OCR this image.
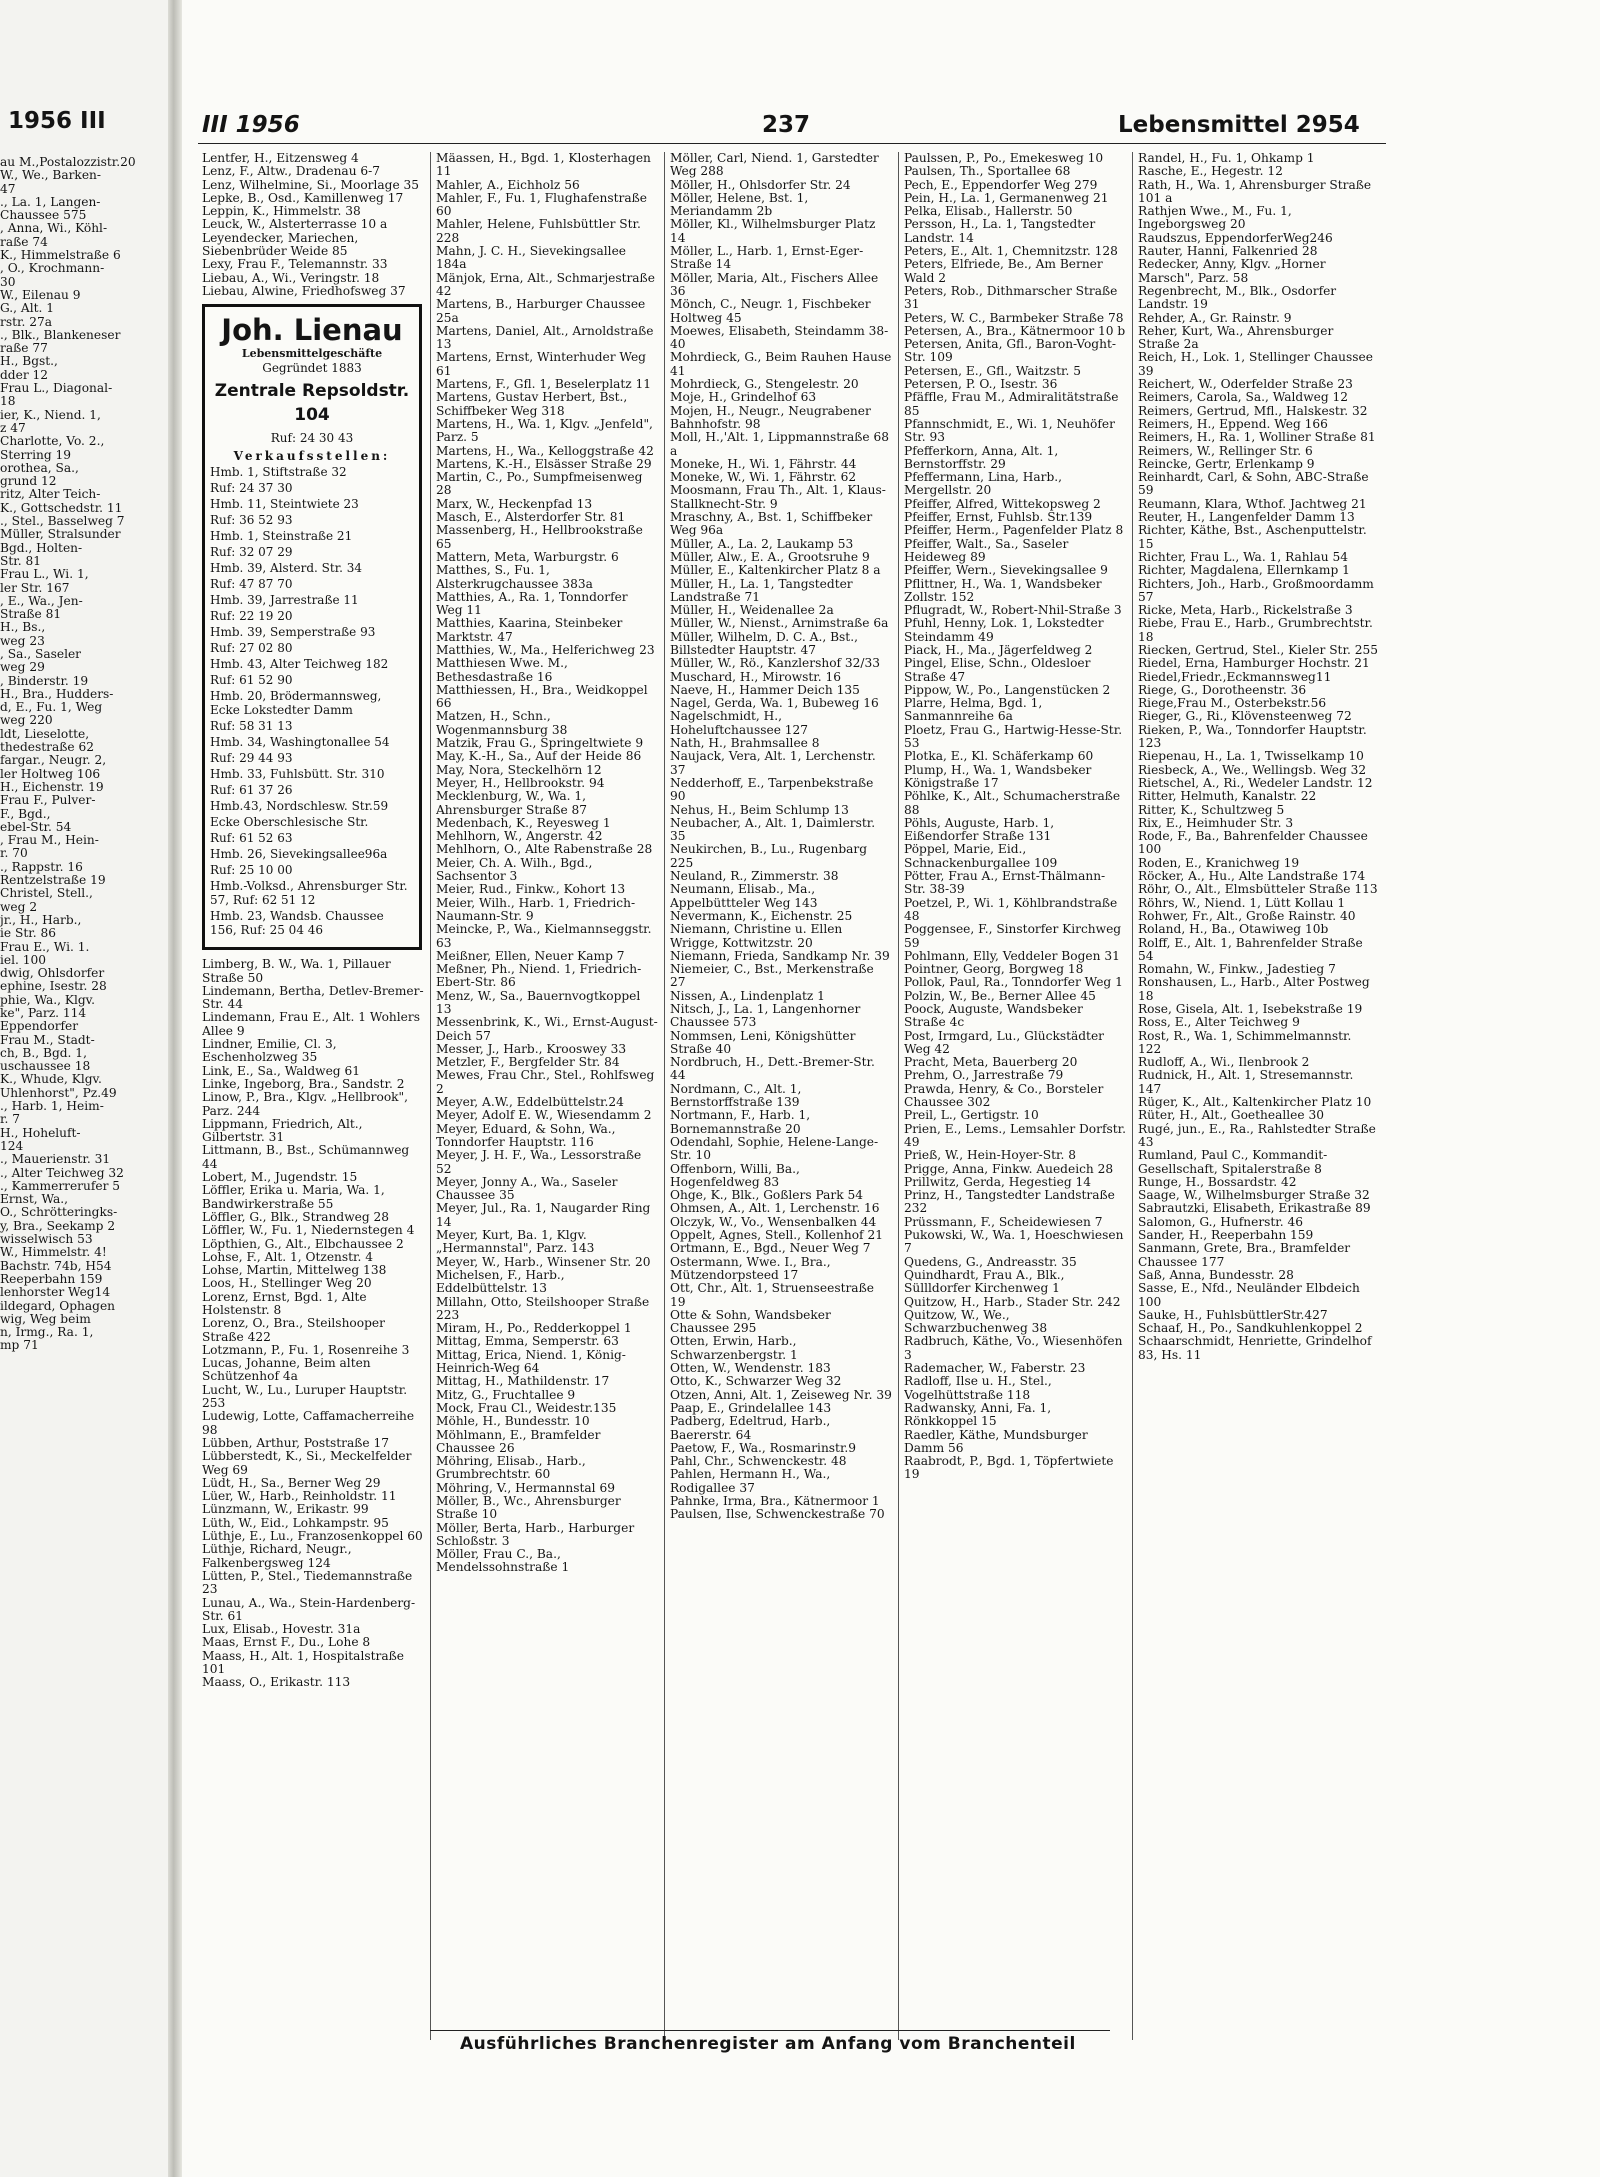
1956 III
au M.,Postalozzistr.20
W., We., Barken-
47
., La. 1, Langen-
Chaussee 575
, Anna, Wi., Köhl-
raße 74
K., Himmelstraße 6
, O., Krochmann-
30
W., Eilenau 9
G., Alt. 1
rstr. 27a
., Blk., Blankeneser
raße 77
H., Bgst.,
dder 12
Frau L., Diagonal-
18
ier, K., Niend. 1,
z 47
Charlotte, Vo. 2.,
Sterring 19
orothea, Sa.,
grund 12
ritz, Alter Teich-
K., Gottschedstr. 11
., Stel., Basselweg 7
Müller, Stralsunder
Bgd., Holten-
Str. 81
Frau L., Wi. 1,
ler Str. 167
, E., Wa., Jen-
Straße 81
H., Bs.,
weg 23
, Sa., Saseler
weg 29
, Binderstr. 19
H., Bra., Hudders-
d, E., Fu. 1, Weg
weg 220
ldt, Lieselotte,
thedestraße 62
fargar., Neugr. 2,
ler Holtweg 106
H., Eichenstr. 19
Frau F., Pulver-
F., Bgd.,
ebel-Str. 54
, Frau M., Hein-
r. 70
., Rappstr. 16
Rentzelstraße 19
Christel, Stell.,
weg 2
jr., H., Harb.,
ie Str. 86
Frau E., Wi. 1.
iel. 100
dwig, Ohlsdorfer
ephine, Isestr. 28
phie, Wa., Klgv.
ke", Parz. 114
Eppendorfer
Frau M., Stadt-
ch, B., Bgd. 1,
uschaussee 18
K., Whude, Klgv.
Uhlenhorst", Pz.49
., Harb. 1, Heim-
r. 7
H., Hoheluft-
124
., Mauerienstr. 31
., Alter Teichweg 32
., Kammerrerufer 5
Ernst, Wa.,
O., Schrötteringks-
y, Bra., Seekamp 2
wisselwisch 53
W., Himmelstr. 4!
Bachstr. 74b, H54
Reeperbahn 159
lenhorster Weg14
ildegard, Ophagen
wig, Weg beim
n, Irmg., Ra. 1,
mp 71
III 1956	237	Lebensmittel 2954
Lentfer, H., Eitzensweg 4
Lenz, F., Altw., Dradenau 6-7
Lenz, Wilhelmine, Si., Moorlage 35
Lepke, B., Osd., Kamillenweg 17
Leppin, K., Himmelstr. 38
Leuck, W., Alsterterrasse 10 a
Leyendecker, Mariechen, Siebenbrüder Weide 85
Lexy, Frau F., Telemannstr. 33
Liebau, A., Wi., Veringstr. 18
Liebau, Alwine, Friedhofsweg 37
Joh. Lienau
Lebensmittelgeschäfte
Gegründet 1883
Zentrale Repsoldstr. 104
Ruf: 24 30 43
Verkaufsstellen:
Hmb. 1, Stiftstraße 32
Ruf: 24 37 30
Hmb. 11, Steintwiete 23
Ruf: 36 52 93
Hmb. 1, Steinstraße 21
Ruf: 32 07 29
Hmb. 39, Alsterd. Str. 34
Ruf: 47 87 70
Hmb. 39, Jarrestraße 11
Ruf: 22 19 20
Hmb. 39, Semperstraße 93
Ruf: 27 02 80
Hmb. 43, Alter Teichweg 182
Ruf: 61 52 90
Hmb. 20, Brödermannsweg, Ecke Lokstedter Damm
Ruf: 58 31 13
Hmb. 34, Washingtonallee 54
Ruf: 29 44 93
Hmb. 33, Fuhlsbütt. Str. 310
Ruf: 61 37 26
Hmb.43, Nordschlesw. Str.59
Ecke Oberschlesische Str.
Ruf: 61 52 63
Hmb. 26, Sievekingsallee96a
Ruf: 25 10 00
Hmb.-Volksd., Ahrensburger Str. 57, Ruf: 62 51 12
Hmb. 23, Wandsb. Chaussee 156, Ruf: 25 04 46
Limberg, B. W., Wa. 1, Pillauer Straße 50
Lindemann, Bertha, Detlev-Bremer-Str. 44
Lindemann, Frau E., Alt. 1 Wohlers Allee 9
Lindner, Emilie, Cl. 3, Eschenholzweg 35
Link, E., Sa., Waldweg 61
Linke, Ingeborg, Bra., Sandstr. 2
Linow, P., Bra., Klgv. „Hellbrook", Parz. 244
Lippmann, Friedrich, Alt., Gilbertstr. 31
Littmann, B., Bst., Schümannweg 44
Lobert, M., Jugendstr. 15
Löffler, Erika u. Maria, Wa. 1, Bandwirkerstraße 55
Löffler, G., Blk., Strandweg 28
Löffler, W., Fu. 1, Niedernstegen 4
Löpthien, G., Alt., Elbchaussee 2
Lohse, F., Alt. 1, Otzenstr. 4
Lohse, Martin, Mittelweg 138
Loos, H., Stellinger Weg 20
Lorenz, Ernst, Bgd. 1, Alte Holstenstr. 8
Lorenz, O., Bra., Steilshooper Straße 422
Lotzmann, P., Fu. 1, Rosenreihe 3
Lucas, Johanne, Beim alten Schützenhof 4a
Lucht, W., Lu., Luruper Hauptstr. 253
Ludewig, Lotte, Caffamacherreihe 98
Lübben, Arthur, Poststraße 17
Lübberstedt, K., Si., Meckelfelder Weg 69
Lüdt, H., Sa., Berner Weg 29
Lüer, W., Harb., Reinholdstr. 11
Lünzmann, W., Erikastr. 99
Lüth, W., Eid., Lohkampstr. 95
Lüthje, E., Lu., Franzosenkoppel 60
Lüthje, Richard, Neugr., Falkenbergsweg 124
Lütten, P., Stel., Tiedemannstraße 23
Lunau, A., Wa., Stein-Hardenberg-Str. 61
Lux, Elisab., Hovestr. 31a
Maas, Ernst F., Du., Lohe 8
Maass, H., Alt. 1, Hospitalstraße 101
Maass, O., Erikastr. 113
Mäassen, H., Bgd. 1, Klosterhagen 11
Mahler, A., Eichholz 56
Mahler, F., Fu. 1, Flughafenstraße 60
Mahler, Helene, Fuhlsbüttler Str. 228
Mahn, J. C. H., Sievekingsallee 184a
Mänjok, Erna, Alt., Schmarjestraße 42
Martens, B., Harburger Chaussee 25a
Martens, Daniel, Alt., Arnoldstraße 13
Martens, Ernst, Winterhuder Weg 61
Martens, F., Gfl. 1, Beselerplatz 11
Martens, Gustav Herbert, Bst., Schiffbeker Weg 318
Martens, H., Wa. 1, Klgv. „Jenfeld", Parz. 5
Martens, H., Wa., Kelloggstraße 42
Martens, K.-H., Elsässer Straße 29
Martin, C., Po., Sumpfmeisenweg 28
Marx, W., Heckenpfad 13
Masch, E., Alsterdorfer Str. 81
Massenberg, H., Hellbrookstraße 65
Mattern, Meta, Warburgstr. 6
Matthes, S., Fu. 1, Alsterkrugchaussee 383a
Matthies, A., Ra. 1, Tonndorfer Weg 11
Matthies, Kaarina, Steinbeker Marktstr. 47
Matthies, W., Ma., Helferichweg 23
Matthiesen Wwe. M., Bethesdastraße 16
Matthiessen, H., Bra., Weidkoppel 66
Matzen, H., Schn., Wogenmannsburg 38
Matzik, Frau G., Springeltwiete 9
May, K.-H., Sa., Auf der Heide 86
May, Nora, Steckelhörn 12
Meyer, H., Hellbrookstr. 94
Mecklenburg, W., Wa. 1, Ahrensburger Straße 87
Medenbach, K., Reyesweg 1
Mehlhorn, W., Angerstr. 42
Mehlhorn, O., Alte Rabenstraße 28
Meier, Ch. A. Wilh., Bgd., Sachsentor 3
Meier, Rud., Finkw., Kohort 13
Meier, Wilh., Harb. 1, Friedrich-Naumann-Str. 9
Meincke, P., Wa., Kielmannseggstr. 63
Meißner, Ellen, Neuer Kamp 7
Meßner, Ph., Niend. 1, Friedrich-Ebert-Str. 86
Menz, W., Sa., Bauernvogtkoppel 13
Messenbrink, K., Wi., Ernst-August-Deich 57
Messer, J., Harb., Krooswey 33
Metzler, F., Bergfelder Str. 84
Mewes, Frau Chr., Stel., Rohlfsweg 2
Meyer, A.W., Eddelbüttelstr.24
Meyer, Adolf E. W., Wiesendamm 2
Meyer, Eduard, & Sohn, Wa., Tonndorfer Hauptstr. 116
Meyer, J. H. F., Wa., Lessorstraße 52
Meyer, Jonny A., Wa., Saseler Chaussee 35
Meyer, Jul., Ra. 1, Naugarder Ring 14
Meyer, Kurt, Ba. 1, Klgv. „Hermannstal", Parz. 143
Meyer, W., Harb., Winsener Str. 20
Michelsen, F., Harb., Eddelbüttelstr. 13
Millahn, Otto, Steilshooper Straße 223
Miram, H., Po., Redderkoppel 1
Mittag, Emma, Semperstr. 63
Mittag, Erica, Niend. 1, König-Heinrich-Weg 64
Mittag, H., Mathildenstr. 17
Mitz, G., Fruchtallee 9
Mock, Frau Cl., Weidestr.135
Möhle, H., Bundesstr. 10
Möhlmann, E., Bramfelder Chaussee 26
Möhring, Elisab., Harb., Grumbrechtstr. 60
Möhring, V., Hermannstal 69
Möller, B., Wc., Ahrensburger Straße 10
Möller, Berta, Harb., Harburger Schloßstr. 3
Möller, Frau C., Ba., Mendelssohnstraße 1
Möller, Carl, Niend. 1, Garstedter Weg 288
Möller, H., Ohlsdorfer Str. 24
Möller, Helene, Bst. 1, Meriandamm 2b
Möller, Kl., Wilhelmsburger Platz 14
Möller, L., Harb. 1, Ernst-Eger-Straße 14
Möller, Maria, Alt., Fischers Allee 36
Mönch, C., Neugr. 1, Fischbeker Holtweg 45
Moewes, Elisabeth, Steindamm 38-40
Mohrdieck, G., Beim Rauhen Hause 41
Mohrdieck, G., Stengelestr. 20
Moje, H., Grindelhof 63
Mojen, H., Neugr., Neugrabener Bahnhofstr. 98
Moll, H.,'Alt. 1, Lippmannstraße 68 a
Moneke, H., Wi. 1, Fährstr. 44
Moneke, W., Wi. 1, Fährstr. 62
Moosmann, Frau Th., Alt. 1, Klaus-Stallknecht-Str. 9
Mraschny, A., Bst. 1, Schiffbeker Weg 96a
Müller, A., La. 2, Laukamp 53
Müller, Alw., E. A., Grootsruhe 9
Müller, E., Kaltenkircher Platz 8 a
Müller, H., La. 1, Tangstedter Landstraße 71
Müller, H., Weidenallee 2a
Müller, W., Nienst., Arnimstraße 6a
Müller, Wilhelm, D. C. A., Bst., Billstedter Hauptstr. 47
Müller, W., Rö., Kanzlershof 32/33
Muschard, H., Mirowstr. 16
Naeve, H., Hammer Deich 135
Nagel, Gerda, Wa. 1, Bubeweg 16
Nagelschmidt, H., Hoheluftchaussee 127
Nath, H., Brahmsallee 8
Naujack, Vera, Alt. 1, Lerchenstr. 37
Nedderhoff, E., Tarpenbekstraße 90
Nehus, H., Beim Schlump 13
Neubacher, A., Alt. 1, Daimlerstr. 35
Neukirchen, B., Lu., Rugenbarg 225
Neuland, R., Zimmerstr. 38
Neumann, Elisab., Ma., Appelbüttteler Weg 143
Nevermann, K., Eichenstr. 25
Niemann, Christine u. Ellen Wrigge, Kottwitzstr. 20
Niemann, Frieda, Sandkamp Nr. 39
Niemeier, C., Bst., Merkenstraße 27
Nissen, A., Lindenplatz 1
Nitsch, J., La. 1, Langenhorner Chaussee 573
Nommsen, Leni, Königshütter Straße 40
Nordbruch, H., Dett.-Bremer-Str. 44
Nordmann, C., Alt. 1, Bernstorffstraße 139
Nortmann, F., Harb. 1, Bornemannstraße 20
Odendahl, Sophie, Helene-Lange-Str. 10
Offenborn, Willi, Ba., Hogenfeldweg 83
Ohge, K., Blk., Goßlers Park 54
Ohmsen, A., Alt. 1, Lerchenstr. 16
Olczyk, W., Vo., Wensenbalken 44
Oppelt, Agnes, Stell., Kollenhof 21
Ortmann, E., Bgd., Neuer Weg 7
Ostermann, Wwe. I., Bra., Mützendorpsteed 17
Ott, Chr., Alt. 1, Struenseestraße 19
Otte & Sohn, Wandsbeker Chaussee 295
Otten, Erwin, Harb., Schwarzenbergstr. 1
Otten, W., Wendenstr. 183
Otto, K., Schwarzer Weg 32
Otzen, Anni, Alt. 1, Zeiseweg Nr. 39
Paap, E., Grindelallee 143
Padberg, Edeltrud, Harb., Baererstr. 64
Paetow, F., Wa., Rosmarinstr.9
Pahl, Chr., Schwenckestr. 48
Pahlen, Hermann H., Wa., Rodigallee 37
Pahnke, Irma, Bra., Kätnermoor 1
Paulsen, Ilse, Schwenckestraße 70
Paulssen, P., Po., Emekesweg 10
Paulsen, Th., Sportallee 68
Pech, E., Eppendorfer Weg 279
Pein, H., La. 1, Germanenweg 21
Pelka, Elisab., Hallerstr. 50
Persson, H., La. 1, Tangstedter Landstr. 14
Peters, E., Alt. 1, Chemnitzstr. 128
Peters, Elfriede, Be., Am Berner Wald 2
Peters, Rob., Dithmarscher Straße 31
Peters, W. C., Barmbeker Straße 78
Petersen, A., Bra., Kätnermoor 10 b
Petersen, Anita, Gfl., Baron-Voght-Str. 109
Petersen, E., Gfl., Waitzstr. 5
Petersen, P. O., Isestr. 36
Pfäffle, Frau M., Admiralitätstraße 85
Pfannschmidt, E., Wi. 1, Neuhöfer Str. 93
Pfefferkorn, Anna, Alt. 1, Bernstorffstr. 29
Pfeffermann, Lina, Harb., Mergellstr. 20
Pfeiffer, Alfred, Wittekopsweg 2
Pfeiffer, Ernst, Fuhlsb. Str.139
Pfeiffer, Herm., Pagenfelder Platz 8
Pfeiffer, Walt., Sa., Saseler Heideweg 89
Pfeiffer, Wern., Sievekingsallee 9
Pflittner, H., Wa. 1, Wandsbeker Zollstr. 152
Pflugradt, W., Robert-Nhil-Straße 3
Pfuhl, Henny, Lok. 1, Lokstedter Steindamm 49
Piack, H., Ma., Jägerfeldweg 2
Pingel, Elise, Schn., Oldesloer Straße 47
Pippow, W., Po., Langenstücken 2
Plarre, Helma, Bgd. 1, Sanmannreihe 6a
Ploetz, Frau G., Hartwig-Hesse-Str. 53
Plotka, E., Kl. Schäferkamp 60
Plump, H., Wa. 1, Wandsbeker Königstraße 17
Pöhlke, K., Alt., Schumacherstraße 88
Pöhls, Auguste, Harb. 1, Eißendorfer Straße 131
Pöppel, Marie, Eid., Schnackenburgallee 109
Pötter, Frau A., Ernst-Thälmann-Str. 38-39
Poetzel, P., Wi. 1, Köhlbrandstraße 48
Poggensee, F., Sinstorfer Kirchweg 59
Pohlmann, Elly, Veddeler Bogen 31
Pointner, Georg, Borgweg 18
Pollok, Paul, Ra., Tonndorfer Weg 1
Polzin, W., Be., Berner Allee 45
Poock, Auguste, Wandsbeker Straße 4c
Post, Irmgard, Lu., Glückstädter Weg 42
Pracht, Meta, Bauerberg 20
Prehm, O., Jarrestraße 79
Prawda, Henry, & Co., Borsteler Chaussee 302
Preil, L., Gertigstr. 10
Prien, E., Lems., Lemsahler Dorfstr. 49
Prieß, W., Hein-Hoyer-Str. 8
Prigge, Anna, Finkw. Auedeich 28
Prillwitz, Gerda, Hegestieg 14
Prinz, H., Tangstedter Landstraße 232
Prüssmann, F., Scheidewiesen 7
Pukowski, W., Wa. 1, Hoeschwiesen 7
Quedens, G., Andreasstr. 35
Quindhardt, Frau A., Blk., Süllldorfer Kirchenweg 1
Quitzow, H., Harb., Stader Str. 242
Quitzow, W., We., Schwarzbuchenweg 38
Radbruch, Käthe, Vo., Wiesenhöfen 3
Rademacher, W., Faberstr. 23
Radloff, Ilse u. H., Stel., Vogelhüttstraße 118
Radwansky, Anni, Fa. 1, Rönkkoppel 15
Raedler, Käthe, Mundsburger Damm 56
Raabrodt, P., Bgd. 1, Töpfertwiete 19
Randel, H., Fu. 1, Ohkamp 1
Rasche, E., Hegestr. 12
Rath, H., Wa. 1, Ahrensburger Straße 101 a
Rathjen Wwe., M., Fu. 1, Ingeborgsweg 20
Raudszus, EppendorferWeg246
Rauter, Hanni, Falkenried 28
Redecker, Anny, Klgv. „Horner Marsch", Parz. 58
Regenbrecht, M., Blk., Osdorfer Landstr. 19
Rehder, A., Gr. Rainstr. 9
Reher, Kurt, Wa., Ahrensburger Straße 2a
Reich, H., Lok. 1, Stellinger Chaussee 39
Reichert, W., Oderfelder Straße 23
Reimers, Carola, Sa., Waldweg 12
Reimers, Gertrud, Mfl., Halskestr. 32
Reimers, H., Eppend. Weg 166
Reimers, H., Ra. 1, Wolliner Straße 81
Reimers, W., Rellinger Str. 6
Reincke, Gertr, Erlenkamp 9
Reinhardt, Carl, & Sohn, ABC-Straße 59
Reumann, Klara, Wthof. Jachtweg 21
Reuter, H., Langenfelder Damm 13
Richter, Käthe, Bst., Aschenputtelstr. 15
Richter, Frau L., Wa. 1, Rahlau 54
Richter, Magdalena, Ellernkamp 1
Richters, Joh., Harb., Großmoordamm 57
Ricke, Meta, Harb., Rickelstraße 3
Riebe, Frau E., Harb., Grumbrechtstr. 18
Riecken, Gertrud, Stel., Kieler Str. 255
Riedel, Erna, Hamburger Hochstr. 21
Riedel,Friedr.,Eckmannsweg11
Riege, G., Dorotheenstr. 36
Riege,Frau M., Osterbekstr.56
Rieger, G., Ri., Klövensteenweg 72
Rieken, P., Wa., Tonndorfer Hauptstr. 123
Riepenau, H., La. 1, Twisselkamp 10
Riesbeck, A., We., Wellingsb. Weg 32
Rietschel, A., Ri., Wedeler Landstr. 12
Ritter, Helmuth, Kanalstr. 22
Ritter, K., Schultzweg 5
Rix, E., Heimhuder Str. 3
Rode, F., Ba., Bahrenfelder Chaussee 100
Roden, E., Kranichweg 19
Röcker, A., Hu., Alte Landstraße 174
Röhr, O., Alt., Elmsbütteler Straße 113
Röhrs, W., Niend. 1, Lütt Kollau 1
Rohwer, Fr., Alt., Große Rainstr. 40
Roland, H., Ba., Otawiweg 10b
Rolff, E., Alt. 1, Bahrenfelder Straße 54
Romahn, W., Finkw., Jadestieg 7
Ronshausen, L., Harb., Alter Postweg 18
Rose, Gisela, Alt. 1, Isebekstraße 19
Ross, E., Alter Teichweg 9
Rost, R., Wa. 1, Schimmelmannstr. 122
Rudloff, A., Wi., Ilenbrook 2
Rudnick, H., Alt. 1, Stresemannstr. 147
Rüger, K., Alt., Kaltenkircher Platz 10
Rüter, H., Alt., Goetheallee 30
Rugé, jun., E., Ra., Rahlstedter Straße 43
Rumland, Paul C., Kommandit-Gesellschaft, Spitalerstraße 8
Runge, H., Bossardstr. 42
Saage, W., Wilhelmsburger Straße 32
Sabrautzki, Elisabeth, Erikastraße 89
Salomon, G., Hufnerstr. 46
Sander, H., Reeperbahn 159
Sanmann, Grete, Bra., Bramfelder Chaussee 177
Saß, Anna, Bundesstr. 28
Sasse, E., Nfd., Neuländer Elbdeich 100
Sauke, H., FuhlsbüttlerStr.427
Schaaf, H., Po., Sandkuhlenkoppel 2
Schaarschmidt, Henriette, Grindelhof 83, Hs. 11
Ausführliches Branchenregister am Anfang vom Branchenteil
